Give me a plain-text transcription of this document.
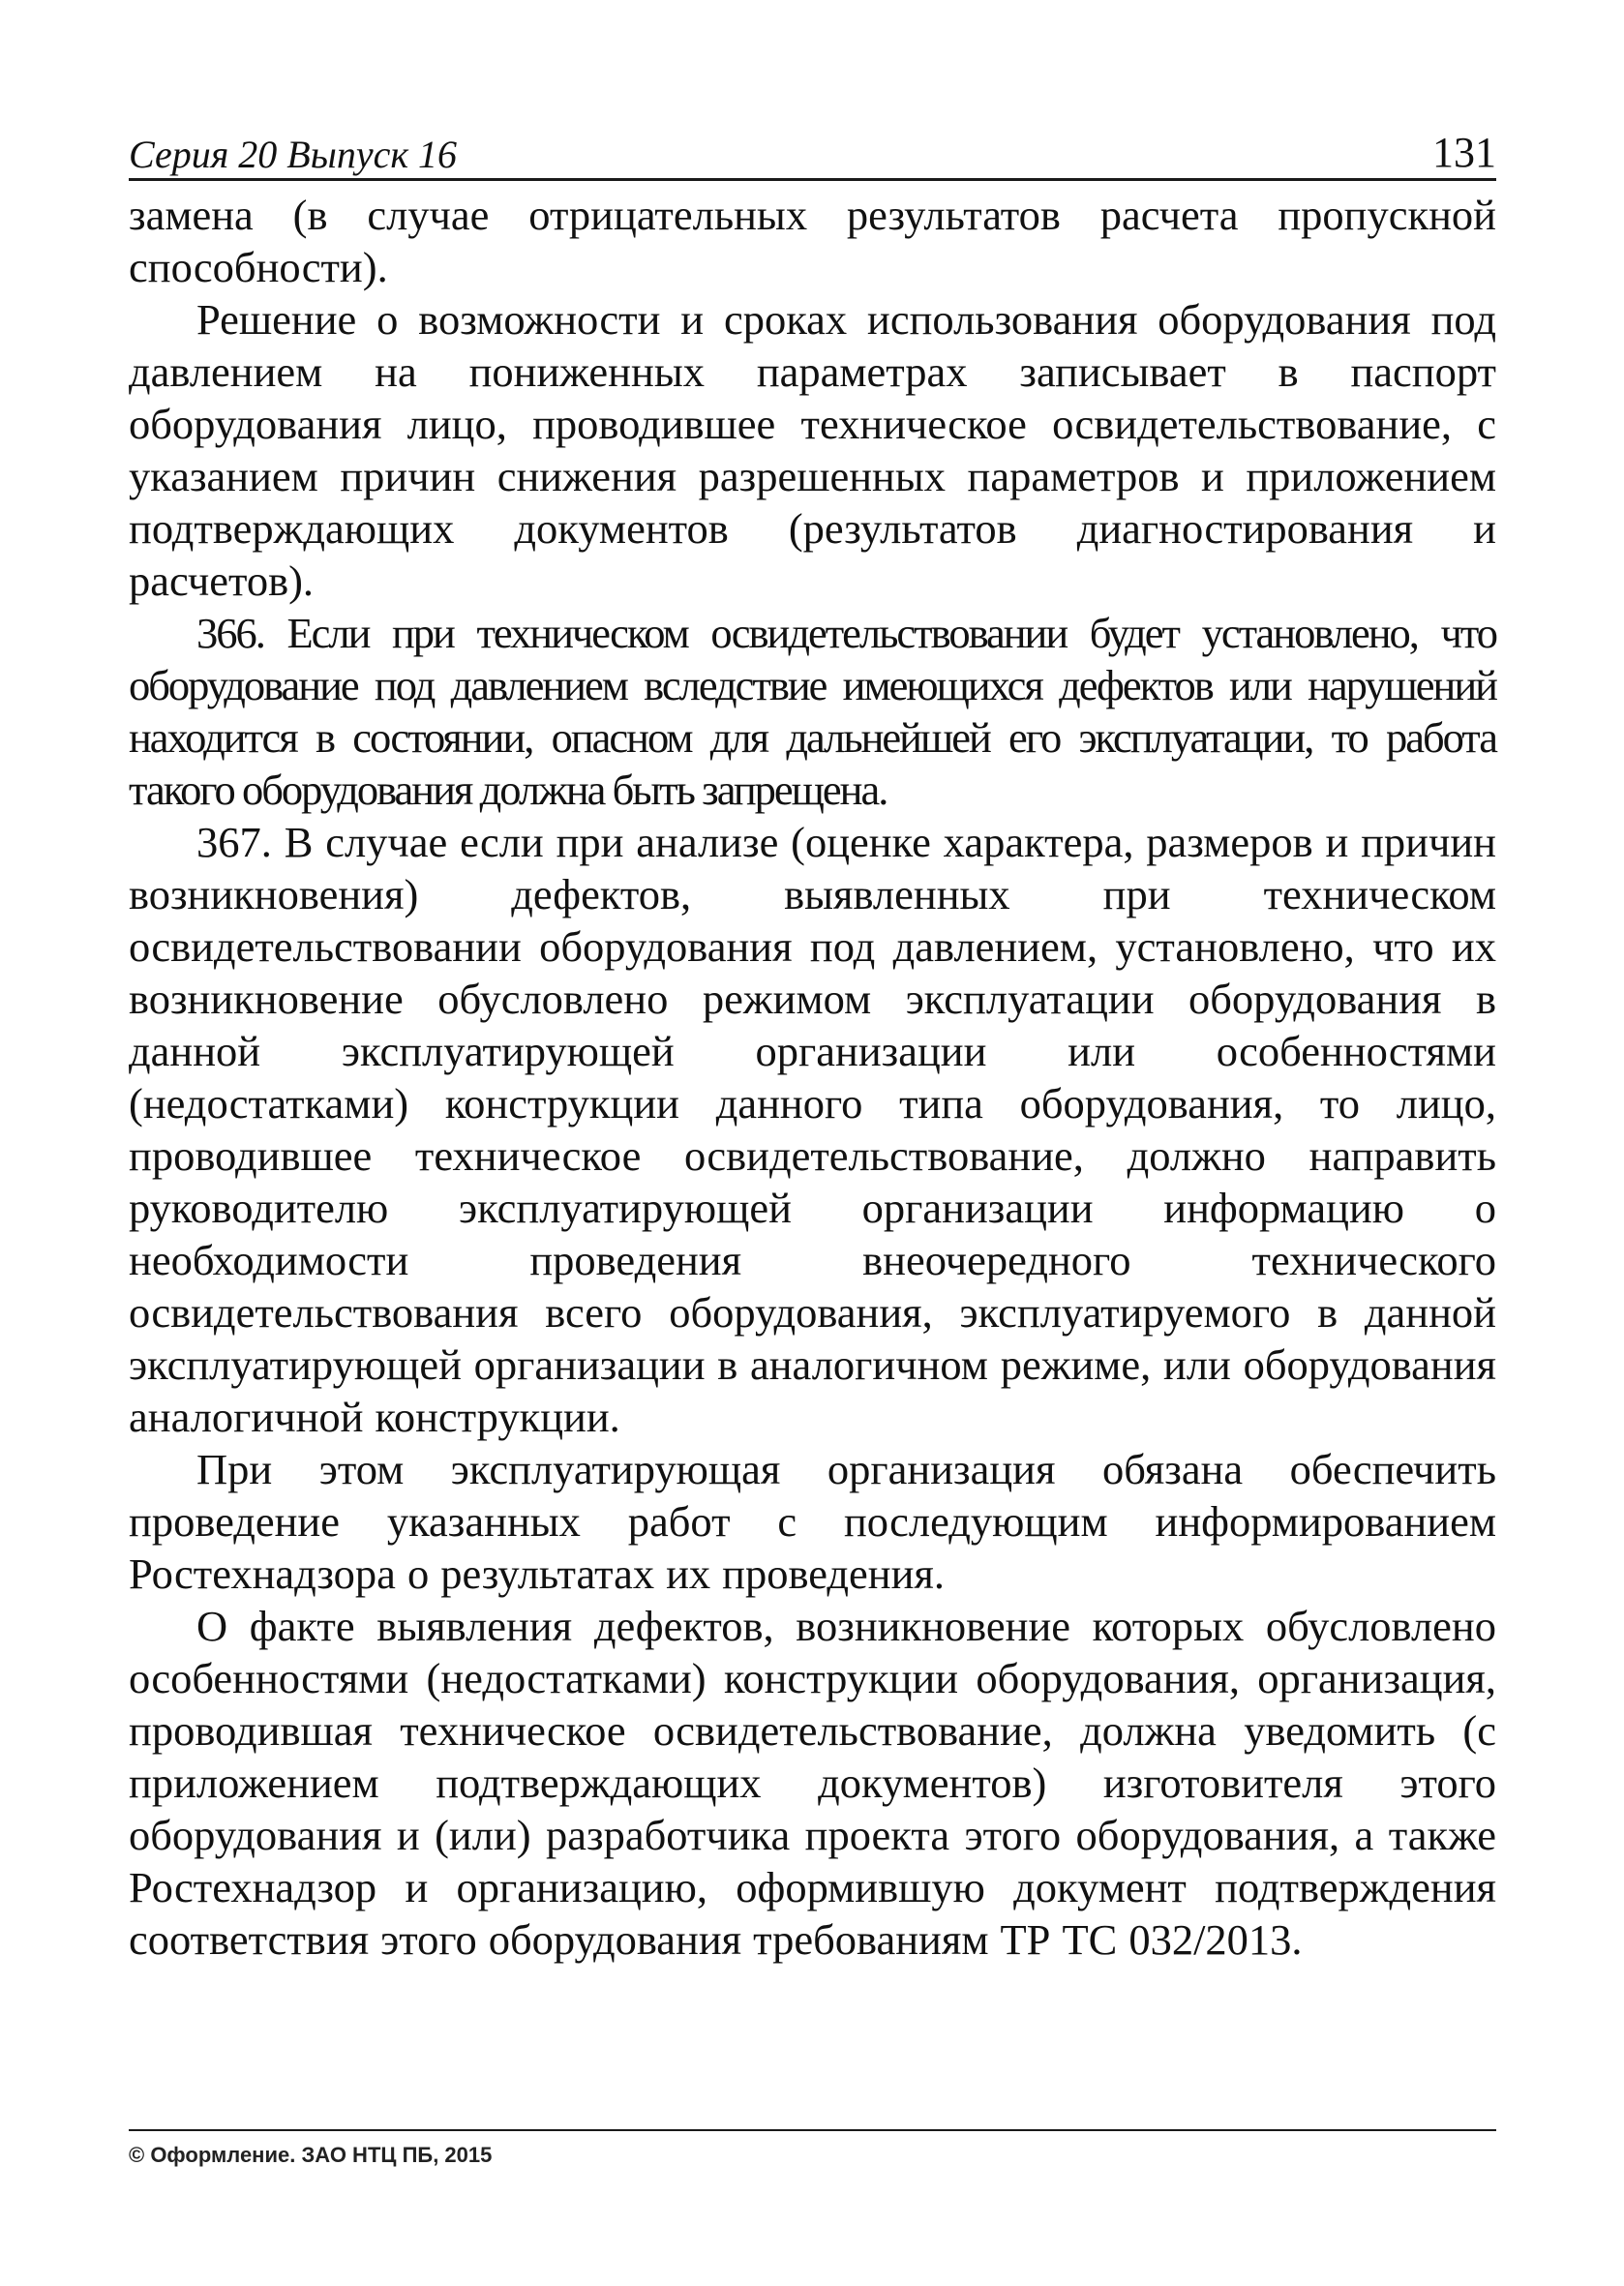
Серия 20 Выпуск 16	131

замена (в случае отрицательных результатов расчета пропускной способности).

Решение о возможности и сроках использования оборудования под давлением на пониженных параметрах записывает в паспорт оборудования лицо, проводившее техническое освидетельствование, с указанием причин снижения разрешенных параметров и приложением подтверждающих документов (результатов диагностирования и расчетов).

366. Если при техническом освидетельствовании будет установлено, что оборудование под давлением вследствие имеющихся дефектов или нарушений находится в состоянии, опасном для дальнейшей его эксплуатации, то работа такого оборудования должна быть запрещена.

367. В случае если при анализе (оценке характера, размеров и причин возникновения) дефектов, выявленных при техническом освидетельствовании оборудования под давлением, установлено, что их возникновение обусловлено режимом эксплуатации оборудования в данной эксплуатирующей организации или особенностями (недостатками) конструкции данного типа оборудования, то лицо, проводившее техническое освидетельствование, должно направить руководителю эксплуатирующей организации информацию о необходимости проведения внеочередного технического освидетельствования всего оборудования, эксплуатируемого в данной эксплуатирующей организации в аналогичном режиме, или оборудования аналогичной конструкции.

При этом эксплуатирующая организация обязана обеспечить проведение указанных работ с последующим информированием Ростехнадзора о результатах их проведения.

О факте выявления дефектов, возникновение которых обусловлено особенностями (недостатками) конструкции оборудования, организация, проводившая техническое освидетельствование, должна уведомить (с приложением подтверждающих документов) изготовителя этого оборудования и (или) разработчика проекта этого оборудования, а также Ростехнадзор и организацию, оформившую документ подтверждения соответствия этого оборудования требованиям ТР ТС 032/2013.

© Оформление. ЗАО НТЦ ПБ, 2015
